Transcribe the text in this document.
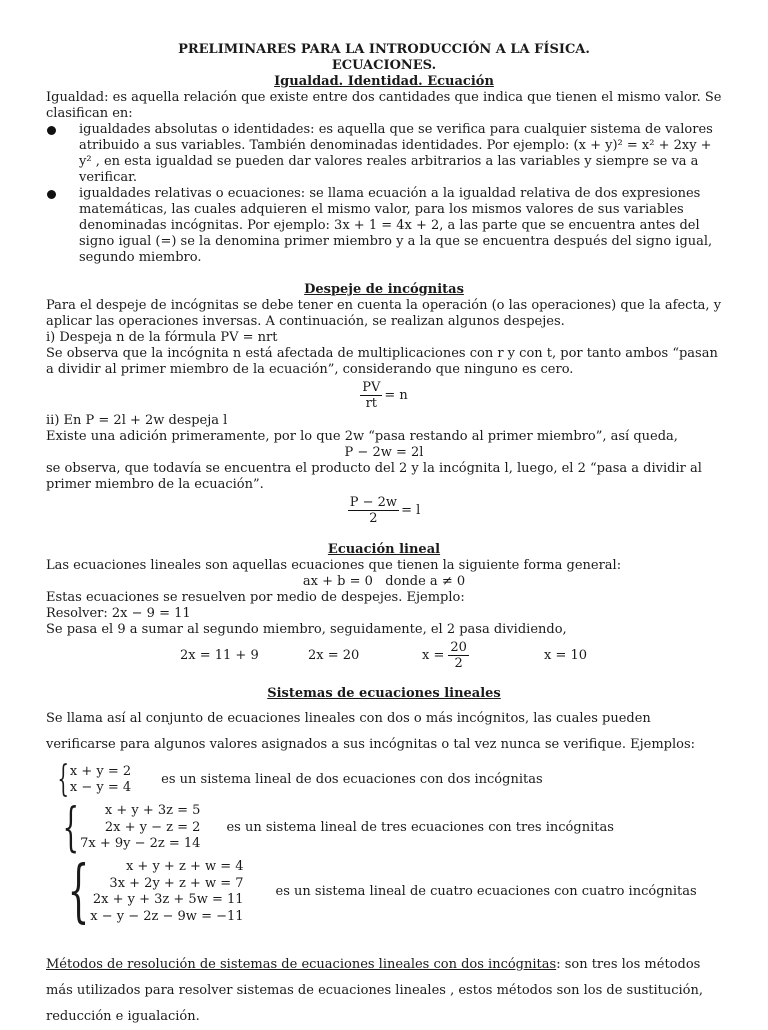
PRELIMINARES PARA LA INTRODUCCIÓN A LA FÍSICA.
ECUACIONES.
Igualdad. Identidad. Ecuación
Igualdad: es aquella relación que existe entre dos cantidades que indica que tienen el mismo valor. Se clasifican en:
igualdades absolutas o identidades: es aquella que se verifica para cualquier sistema de valores atribuido a sus variables. También denominadas identidades. Por ejemplo: (x + y)² = x² + 2xy + y² , en esta igualdad se pueden dar valores reales arbitrarios a las variables y siempre se va a verificar.
igualdades relativas o ecuaciones: se llama ecuación a la igualdad relativa de dos expresiones matemáticas, las cuales adquieren el mismo valor, para los mismos valores de sus variables denominadas incógnitas. Por ejemplo: 3x + 1 = 4x + 2, a las parte que se encuentra antes del signo igual (=) se la denomina primer miembro y a la que se encuentra después del signo igual, segundo miembro.
Despeje de incógnitas
Para el despeje de incógnitas se debe tener en cuenta la operación (o las operaciones) que la afecta, y aplicar las operaciones inversas. A continuación, se realizan algunos despejes.
i) Despeja n de la fórmula PV = nrt
Se observa que la incógnita n está afectada de multiplicaciones con r y con t, por tanto ambos “pasan a dividir al primer miembro de la ecuación”, considerando que ninguno es cero.
$\frac{PV}{rt} = n$
ii) En P = 2l + 2w despeja l
Existe una adición primeramente, por lo que 2w “pasa restando al primer miembro”, así queda,
P − 2w = 2l
se observa, que todavía se encuentra el producto del 2 y la incógnita l, luego, el 2 “pasa a dividir al primer miembro de la ecuación”.
$\frac{P - 2w}{2} = l$
Ecuación lineal
Las ecuaciones lineales son aquellas ecuaciones que tienen la siguiente forma general:
ax + b = 0   donde a ≠ 0
Estas ecuaciones se resuelven por medio de despejes. Ejemplo:
Resolver: 2x − 9 = 11
Se pasa el 9 a sumar al segundo miembro, seguidamente, el 2 pasa dividiendo,
2x = 11 + 9	2x = 20	$x = \frac{20}{2}$	x = 10
Sistemas de ecuaciones lineales
Se llama así al conjunto de ecuaciones lineales con dos o más incógnitos, las cuales pueden verificarse para algunos valores asignados a sus incógnitas o tal vez nunca se verifique. Ejemplos:
{ x + y = 2
x − y = 4
es un sistema lineal de dos ecuaciones con dos incógnitas
{ x + y + 3z = 5
2x + y − z = 2
7x + 9y − 2z = 14
es un sistema lineal de tres ecuaciones con tres incógnitas
{	x + y + z + w = 4
3x + 2y + z + w = 7
2x + y + 3z + 5w = 11
x − y − 2z − 9w = −11
es un sistema lineal de cuatro ecuaciones con cuatro incógnitas
Métodos de resolución de sistemas de ecuaciones lineales con dos incógnitas: son tres los métodos más utilizados para resolver sistemas de ecuaciones lineales , estos métodos son los de sustitución, reducción e igualación.
